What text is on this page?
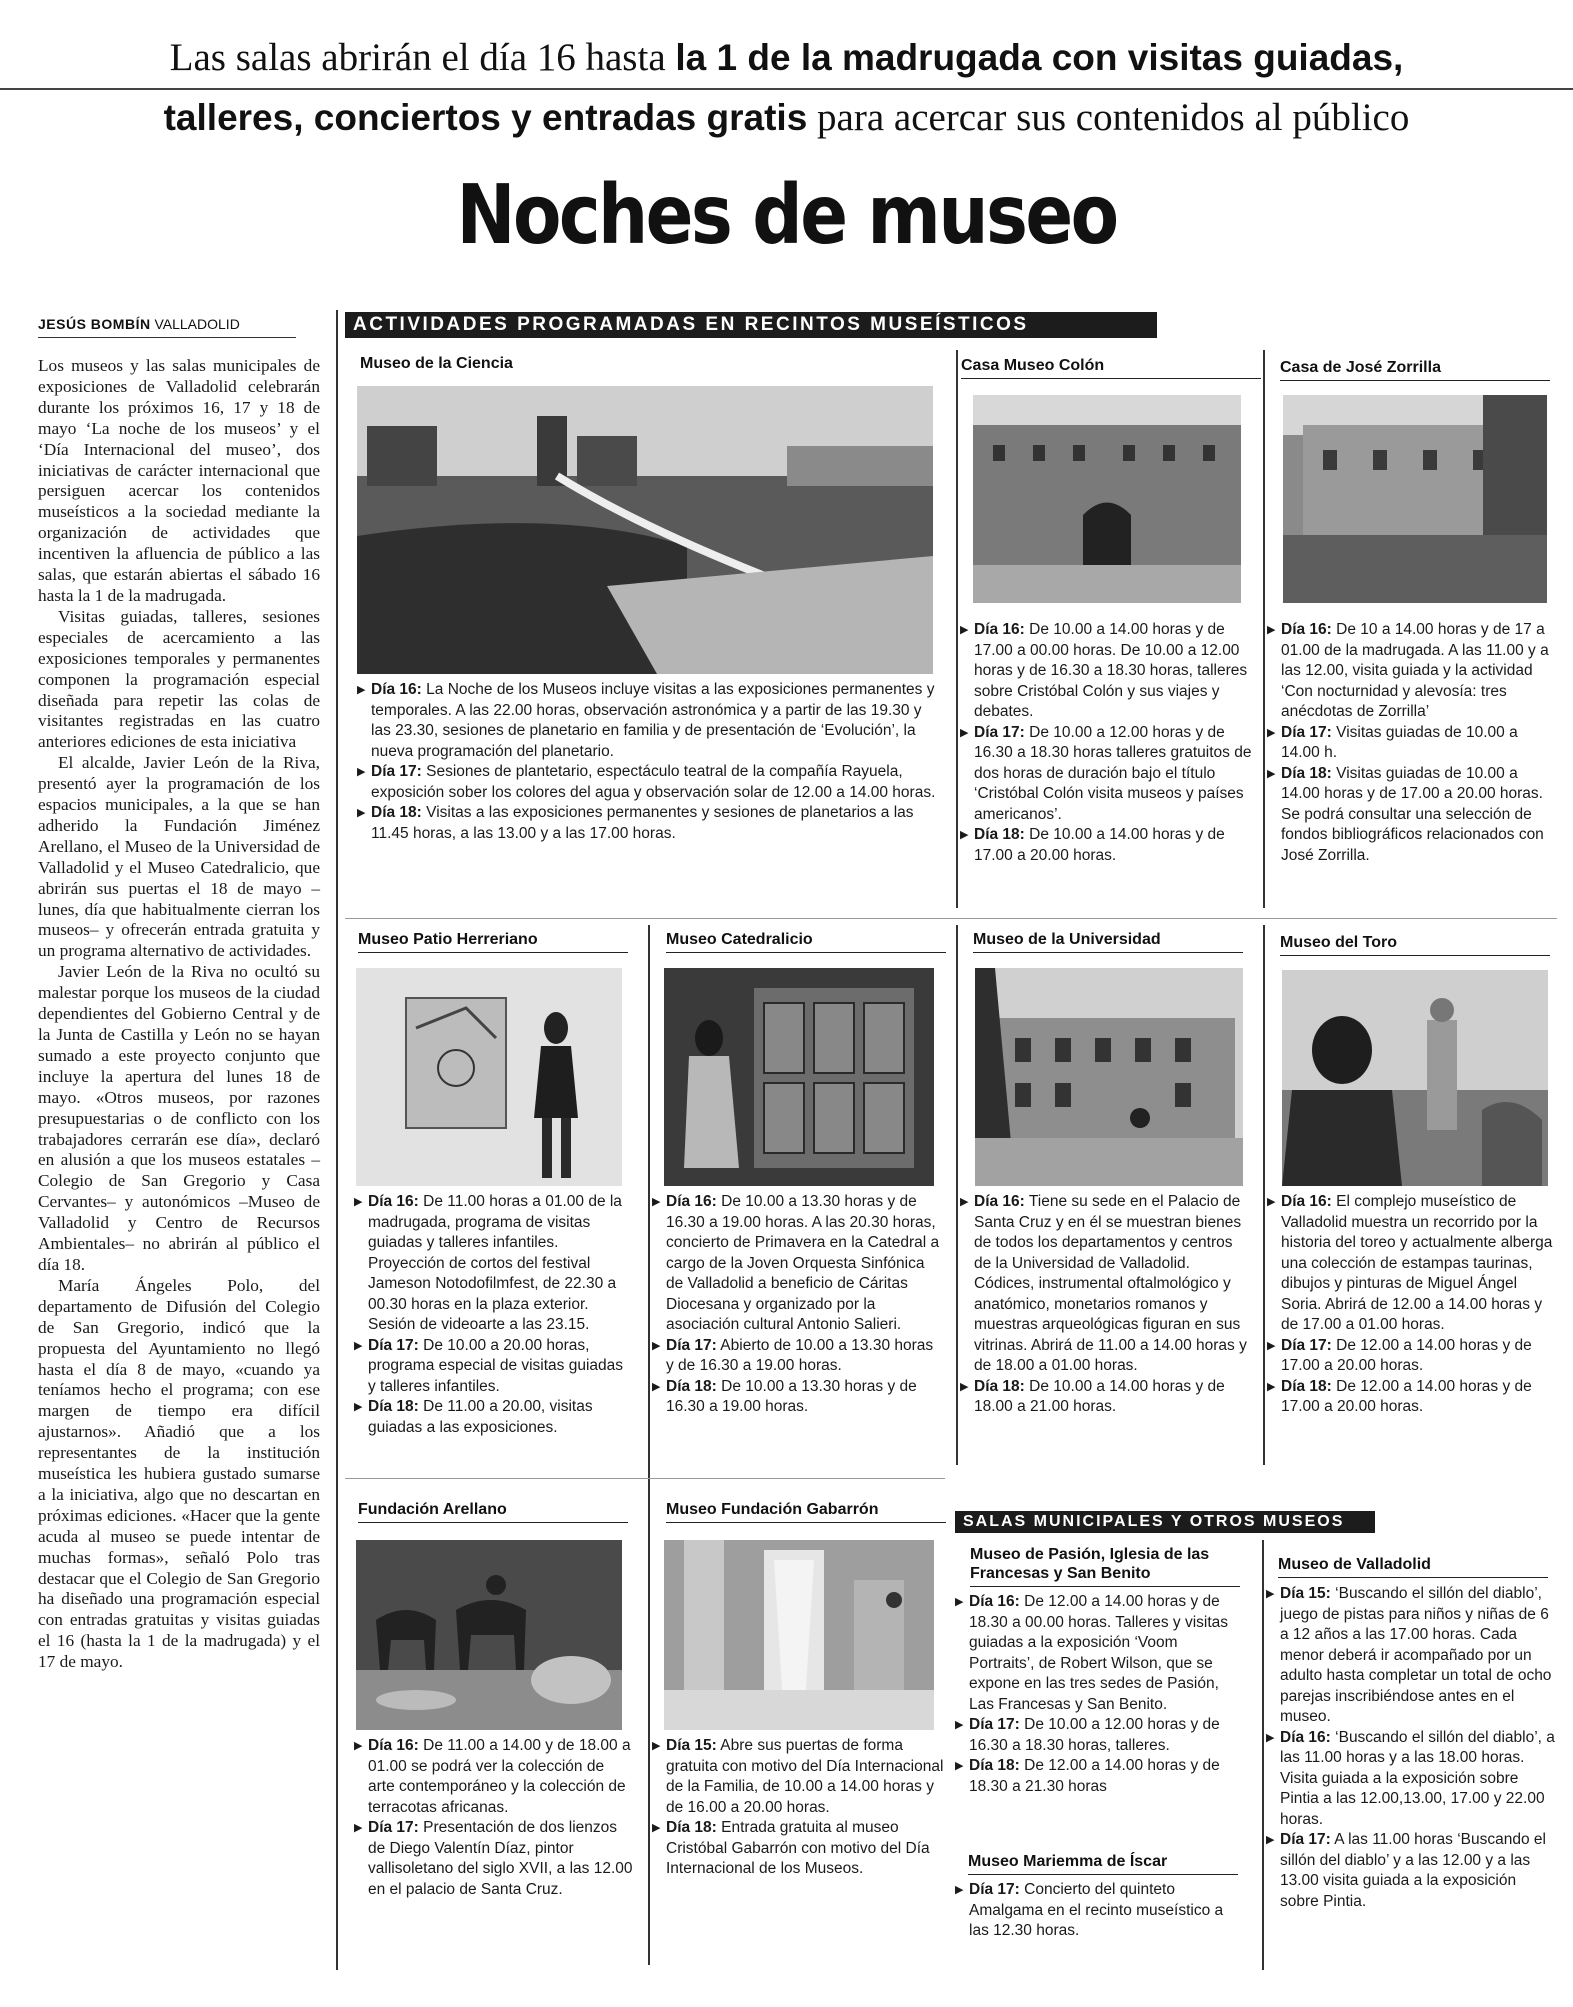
Las salas abrirán el día 16 hasta la 1 de la madrugada con visitas guiadas,
talleres, conciertos y entradas gratis para acercar sus contenidos al público
Noches de museo
JESÚS BOMBÍN VALLADOLID

Los museos y las salas municipales de exposiciones de Valladolid celebrarán durante los próximos 16, 17 y 18 de mayo ‘La noche de los museos’ y el ‘Día Internacional del museo’, dos iniciativas de carácter internacional que persiguen acercar los contenidos museísticos a la sociedad mediante la organización de actividades que incentiven la afluencia de público a las salas, que estarán abiertas el sábado 16 hasta la 1 de la madrugada.

Visitas guiadas, talleres, sesiones especiales de acercamiento a las exposiciones temporales y permanentes componen la programación especial diseñada para repetir las colas de visitantes registradas en las cuatro anteriores ediciones de esta iniciativa

El alcalde, Javier León de la Riva, presentó ayer la programación de los espacios municipales, a la que se han adherido la Fundación Jiménez Arellano, el Museo de la Universidad de Valladolid y el Museo Catedralicio, que abrirán sus puertas el 18 de mayo –lunes, día que habitualmente cierran los museos– y ofrecerán entrada gratuita y un programa alternativo de actividades.

Javier León de la Riva no ocultó su malestar porque los museos de la ciudad dependientes del Gobierno Central y de la Junta de Castilla y León no se hayan sumado a este proyecto conjunto que incluye la apertura del lunes 18 de mayo. «Otros museos, por razones presupuestarias o de conflicto con los trabajadores cerrarán ese día», declaró en alusión a que los museos estatales –Colegio de San Gregorio y Casa Cervantes– y autonómicos –Museo de Valladolid y Centro de Recursos Ambientales– no abrirán al público el día 18.

María Ángeles Polo, del departamento de Difusión del Colegio de San Gregorio, indicó que la propuesta del Ayuntamiento no llegó hasta el día 8 de mayo, «cuando ya teníamos hecho el programa; con ese margen de tiempo era difícil ajustarnos». Añadió que a los representantes de la institución museística les hubiera gustado sumarse a la iniciativa, algo que no descartan en próximas ediciones. «Hacer que la gente acuda al museo se puede intentar de muchas formas», señaló Polo tras destacar que el Colegio de San Gregorio ha diseñado una programación especial con entradas gratuitas y visitas guiadas el 16 (hasta la 1 de la madrugada) y el 17 de mayo.

ACTIVIDADES PROGRAMADAS EN RECINTOS MUSEÍSTICOS
Museo de la Ciencia

▶ Día 16: La Noche de los Museos incluye visitas a las exposiciones permanentes y temporales. A las 22.00 horas, observación astronómica y a partir de las 19.30 y las 23.30, sesiones de planetario en familia y de presentación de ‘Evolución’, la nueva programación del planetario.

▶ Día 17: Sesiones de plantetario, espectáculo teatral de la compañía Rayuela, exposición sober los colores del agua y observación solar de 12.00 a 14.00 horas.

▶ Día 18: Visitas a las exposiciones permanentes y sesiones de planetarios a las 11.45 horas, a las 13.00 y a las 17.00 horas.

Casa Museo Colón

▶ Día 16: De 10.00 a 14.00 horas y de 17.00 a 00.00 horas. De 10.00 a 12.00 horas y de 16.30 a 18.30 horas, talleres sobre Cristóbal Colón y sus viajes y debates.

▶ Día 17: De 10.00 a 12.00 horas y de 16.30 a 18.30 horas talleres gratuitos de dos horas de duración bajo el título ‘Cristóbal Colón visita museos y países americanos’.

▶ Día 18: De 10.00 a 14.00 horas y de 17.00 a 20.00 horas.

Casa de José Zorrilla

▶ Día 16: De 10 a 14.00 horas y de 17 a 01.00 de la madrugada. A las 11.00 y a las 12.00, visita guiada y la actividad ‘Con nocturnidad y alevosía: tres anécdotas de Zorrilla’

▶ Día 17: Visitas guiadas de 10.00 a 14.00 h.

▶ Día 18: Visitas guiadas de 10.00 a 14.00 horas y de 17.00 a 20.00 horas. Se podrá consultar una selección de fondos bibliográficos relacionados con José Zorrilla.

Museo Patio Herreriano

▶ Día 16: De 11.00 horas a 01.00 de la madrugada, programa de visitas guiadas y talleres infantiles. Proyección de cortos del festival Jameson Notodofilmfest, de 22.30 a 00.30 horas en la plaza exterior. Sesión de videoarte a las 23.15.

▶ Día 17: De 10.00 a 20.00 horas, programa especial de visitas guiadas y talleres infantiles.

▶ Día 18: De 11.00 a 20.00, visitas guiadas a las exposiciones.

Museo Catedralicio

▶ Día 16: De 10.00 a 13.30 horas y de 16.30 a 19.00 horas. A las 20.30 horas, concierto de Primavera en la Catedral a cargo de la Joven Orquesta Sinfónica de Valladolid a beneficio de Cáritas Diocesana y organizado por la asociación cultural Antonio Salieri.

▶ Día 17: Abierto de 10.00 a 13.30 horas y de 16.30 a 19.00 horas.

▶ Día 18: De 10.00 a 13.30 horas y de 16.30 a 19.00 horas.

Museo de la Universidad

▶ Día 16: Tiene su sede en el Palacio de Santa Cruz y en él se muestran bienes de todos los departamentos y centros de la Universidad de Valladolid. Códices, instrumental oftalmológico y anatómico, monetarios romanos y muestras arqueológicas figuran en sus vitrinas. Abrirá de 11.00 a 14.00 horas y de 18.00 a 01.00 horas.

▶ Día 18: De 10.00 a 14.00 horas y de 18.00 a 21.00 horas.

Museo del Toro

▶ Día 16: El complejo museístico de Valladolid muestra un recorrido por la historia del toreo y actualmente alberga una colección de estampas taurinas, dibujos y pinturas de Miguel Ángel Soria. Abrirá de 12.00 a 14.00 horas y de 17.00 a 01.00 horas.

▶ Día 17: De 12.00 a 14.00 horas y de 17.00 a 20.00 horas.

▶ Día 18: De 12.00 a 14.00 horas y de 17.00 a 20.00 horas.

Fundación Arellano

▶ Día 16: De 11.00 a 14.00 y de 18.00 a 01.00 se podrá ver la colección de arte contemporáneo y la colección de terracotas africanas.

▶ Día 17: Presentación de dos lienzos de Diego Valentín Díaz, pintor vallisoletano del siglo XVII, a las 12.00 en el palacio de Santa Cruz.

Museo Fundación Gabarrón

▶ Día 15: Abre sus puertas de forma gratuita con motivo del Día Internacional de la Familia, de 10.00 a 14.00 horas y de 16.00 a 20.00 horas.

▶ Día 18: Entrada gratuita al museo Cristóbal Gabarrón con motivo del Día Internacional de los Museos.

SALAS MUNICIPALES Y OTROS MUSEOS
Museo de Pasión, Iglesia de las Francesas y San Benito

▶ Día 16: De 12.00 a 14.00 horas y de 18.30 a 00.00 horas. Talleres y visitas guiadas a la exposición ‘Voom Portraits’, de Robert Wilson, que se expone en las tres sedes de Pasión, Las Francesas y San Benito.

▶ Día 17: De 10.00 a 12.00 horas y de 16.30 a 18.30 horas, talleres.

▶ Día 18: De 12.00 a 14.00 horas y de 18.30 a 21.30 horas

Museo Mariemma de Íscar

▶ Día 17: Concierto del quinteto Amalgama en el recinto museístico a las 12.30 horas.

Museo de Valladolid

▶ Día 15: ‘Buscando el sillón del diablo’, juego de pistas para niños y niñas de 6 a 12 años a las 17.00 horas. Cada menor deberá ir acompañado por un adulto hasta completar un total de ocho parejas inscribiéndose antes en el museo.

▶ Día 16: ‘Buscando el sillón del diablo’, a las 11.00 horas y a las 18.00 horas. Visita guiada a la exposición sobre Pintia a las 12.00,13.00, 17.00 y 22.00 horas.

▶ Día 17: A las 11.00 horas ‘Buscando el sillón del diablo’ y a las 12.00 y a las 13.00 visita guiada a la exposición sobre Pintia.
